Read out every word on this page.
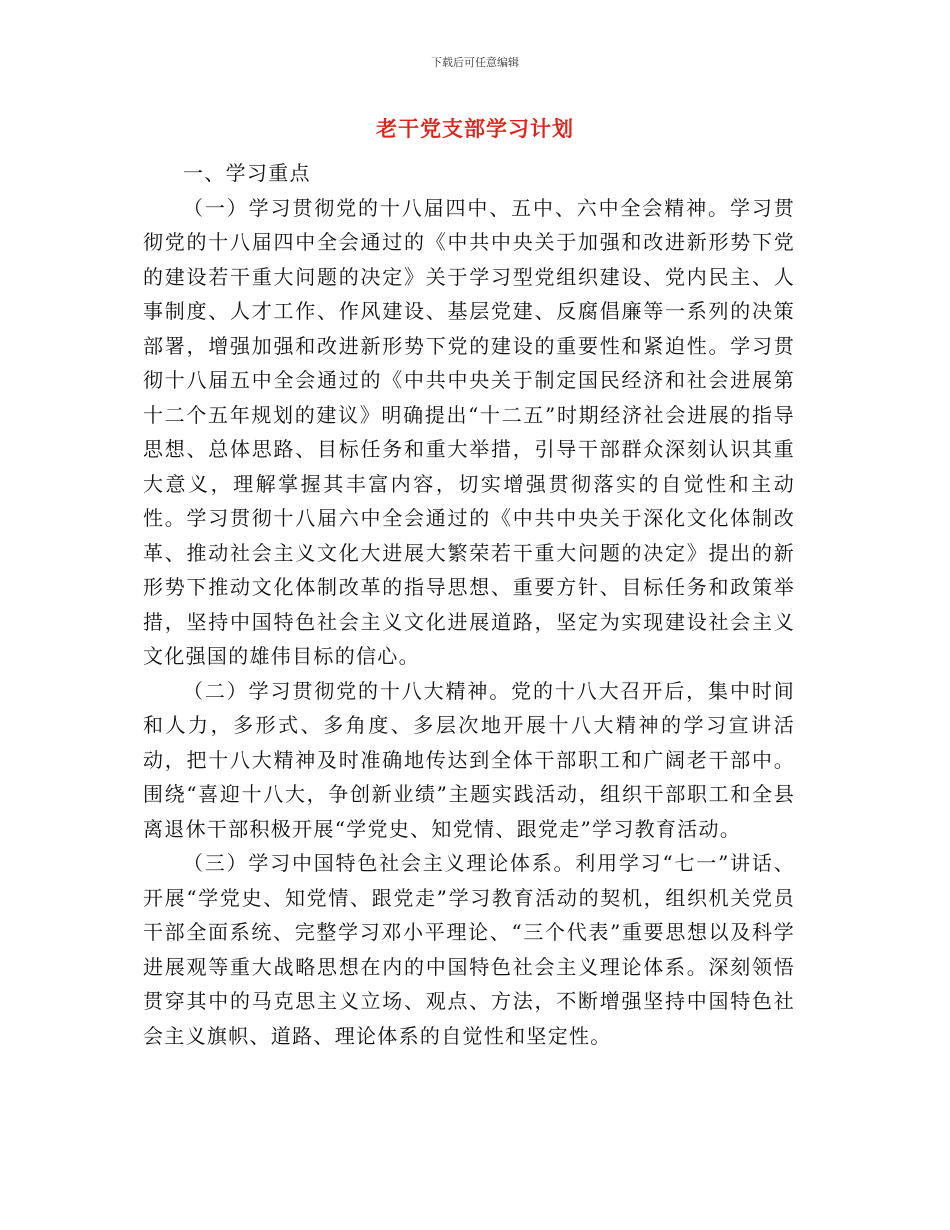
下载后可任意编辑
老干党支部学习计划

一、学习重点

（一）学习贯彻党的十八届四中、五中、六中全会精神。学习贯彻党的十八届四中全会通过的《中共中央关于加强和改进新形势下党的建设若干重大问题的决定》关于学习型党组织建设、党内民主、人事制度、人才工作、作风建设、基层党建、反腐倡廉等一系列的决策部署，增强加强和改进新形势下党的建设的重要性和紧迫性。学习贯彻十八届五中全会通过的《中共中央关于制定国民经济和社会进展第十二个五年规划的建议》明确提出“十二五”时期经济社会进展的指导思想、总体思路、目标任务和重大举措，引导干部群众深刻认识其重大意义，理解掌握其丰富内容，切实增强贯彻落实的自觉性和主动性。学习贯彻十八届六中全会通过的《中共中央关于深化文化体制改革、推动社会主义文化大进展大繁荣若干重大问题的决定》提出的新形势下推动文化体制改革的指导思想、重要方针、目标任务和政策举措，坚持中国特色社会主义文化进展道路，坚定为实现建设社会主义文化强国的雄伟目标的信心。

（二）学习贯彻党的十八大精神。党的十八大召开后，集中时间和人力，多形式、多角度、多层次地开展十八大精神的学习宣讲活动，把十八大精神及时准确地传达到全体干部职工和广阔老干部中。围绕“喜迎十八大，争创新业绩”主题实践活动，组织干部职工和全县离退休干部积极开展“学党史、知党情、跟党走”学习教育活动。

（三）学习中国特色社会主义理论体系。利用学习“七一”讲话、开展“学党史、知党情、跟党走”学习教育活动的契机，组织机关党员干部全面系统、完整学习邓小平理论、“三个代表”重要思想以及科学进展观等重大战略思想在内的中国特色社会主义理论体系。深刻领悟贯穿其中的马克思主义立场、观点、方法，不断增强坚持中国特色社会主义旗帜、道路、理论体系的自觉性和坚定性。
